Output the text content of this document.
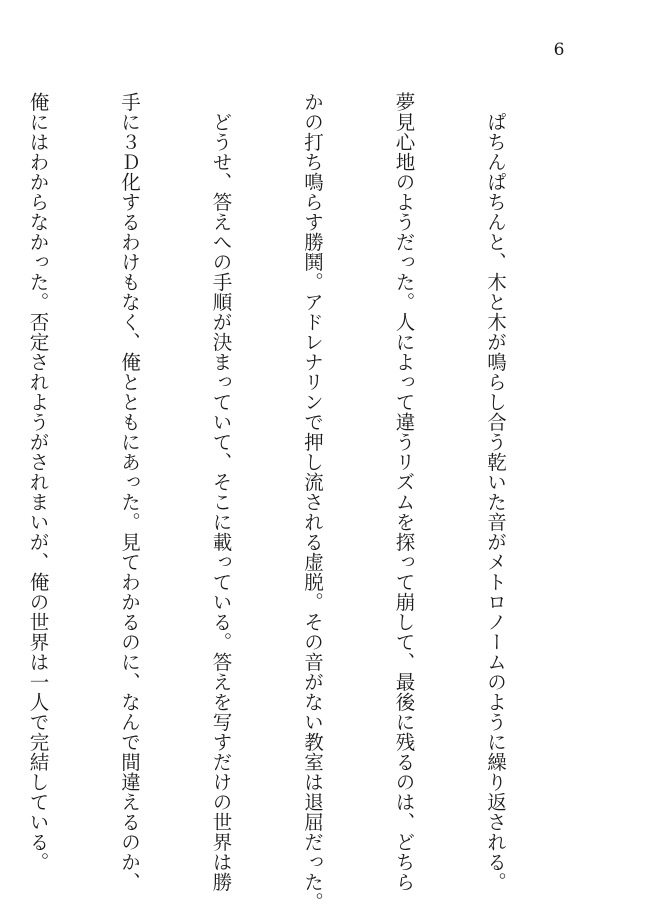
6

　ぱちんぱちんと、木と木が鳴らし合う乾いた音がメトロノームのように繰り返される。

夢見心地のようだった。人によって違うリズムを探って崩して、最後に残るのは、どちら

かの打ち鳴らす勝鬨。アドレナリンで押し流される虚脱。その音がない教室は退屈だった。

　どうせ、答えへの手順が決まっていて、そこに載っている。答えを写すだけの世界は勝

手に３Ｄ化するわけもなく、俺とともにあった。見てわかるのに、なんで間違えるのか、

俺にはわからなかった。否定されようがされまいが、俺の世界は一人で完結している。
